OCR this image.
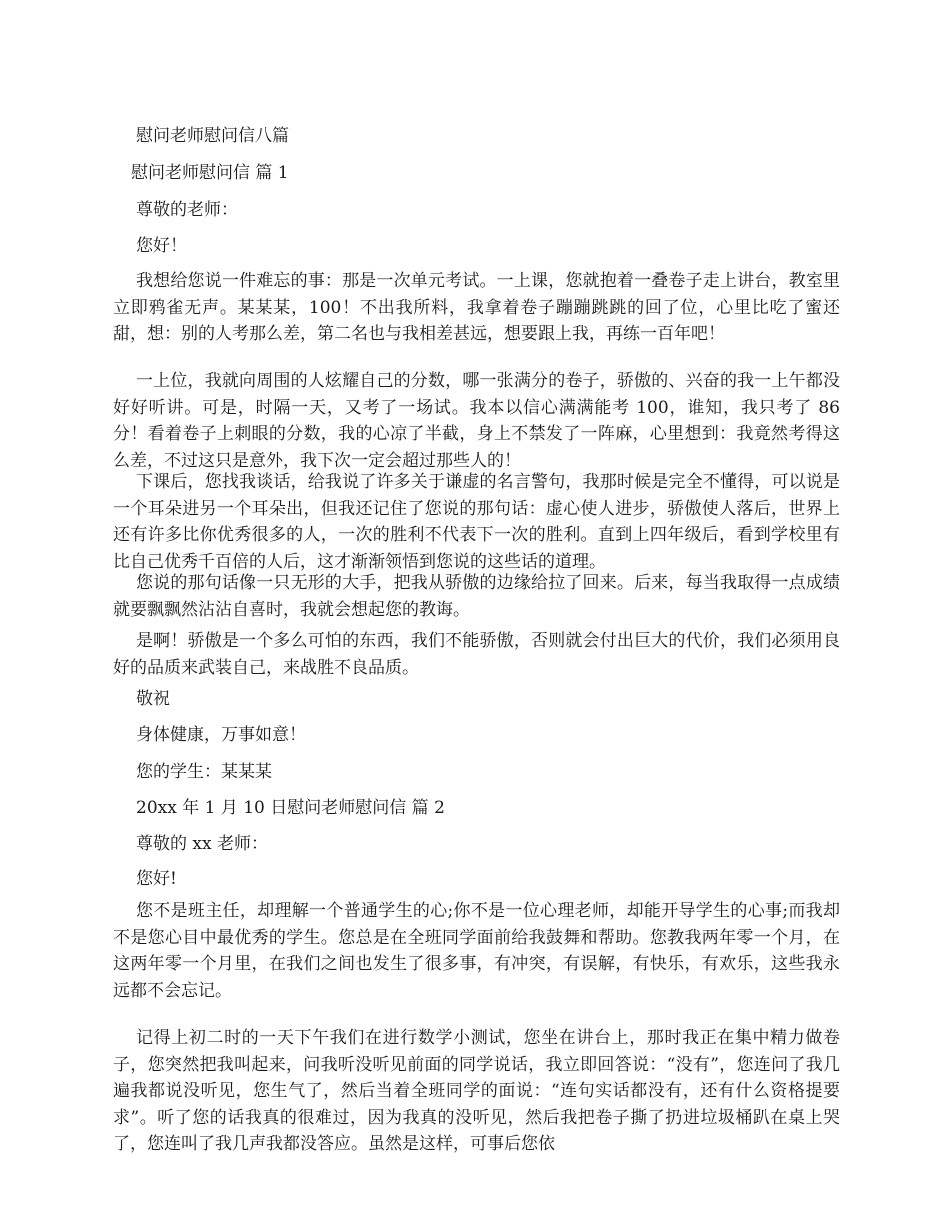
慰问老师慰问信八篇
慰问老师慰问信 篇 1
尊敬的老师：
您好！

我想给您说一件难忘的事：那是一次单元考试。一上课，您就抱着一叠卷子走上讲台，教室里立即鸦雀无声。某某某，100！不出我所料，我拿着卷子蹦蹦跳跳的回了位，心里比吃了蜜还甜，想：别的人考那么差，第二名也与我相差甚远，想要跟上我，再练一百年吧！

一上位，我就向周围的人炫耀自己的分数，哪一张满分的卷子，骄傲的、兴奋的我一上午都没好好听讲。可是，时隔一天，又考了一场试。我本以信心满满能考 100，谁知，我只考了 86 分！看着卷子上刺眼的分数，我的心凉了半截，身上不禁发了一阵麻，心里想到：我竟然考得这么差，不过这只是意外，我下次一定会超过那些人的！

下课后，您找我谈话，给我说了许多关于谦虚的名言警句，我那时候是完全不懂得，可以说是一个耳朵进另一个耳朵出，但我还记住了您说的那句话：虚心使人进步，骄傲使人落后，世界上还有许多比你优秀很多的人，一次的胜利不代表下一次的胜利。直到上四年级后，看到学校里有比自己优秀千百倍的人后，这才渐渐领悟到您说的这些话的道理。

您说的那句话像一只无形的大手，把我从骄傲的边缘给拉了回来。后来，每当我取得一点成绩就要飘飘然沾沾自喜时，我就会想起您的教诲。

是啊！骄傲是一个多么可怕的东西，我们不能骄傲，否则就会付出巨大的代价，我们必须用良好的品质来武装自己，来战胜不良品质。

敬祝
身体健康，万事如意！
您的学生：某某某
20xx 年 1 月 10 日慰问老师慰问信 篇 2
尊敬的 xx 老师：
您好!

您不是班主任，却理解一个普通学生的心;你不是一位心理老师，却能开导学生的心事;而我却不是您心目中最优秀的学生。您总是在全班同学面前给我鼓舞和帮助。您教我两年零一个月，在这两年零一个月里，在我们之间也发生了很多事，有冲突，有误解，有快乐，有欢乐，这些我永远都不会忘记。

记得上初二时的一天下午我们在进行数学小测试，您坐在讲台上，那时我正在集中精力做卷子，您突然把我叫起来，问我听没听见前面的同学说话，我立即回答说：“没有”，您连问了我几遍我都说没听见，您生气了，然后当着全班同学的面说：“连句实话都没有，还有什么资格提要求”。听了您的话我真的很难过，因为我真的没听见，然后我把卷子撕了扔进垃圾桶趴在桌上哭了，您连叫了我几声我都没答应。虽然是这样，可事后您依
